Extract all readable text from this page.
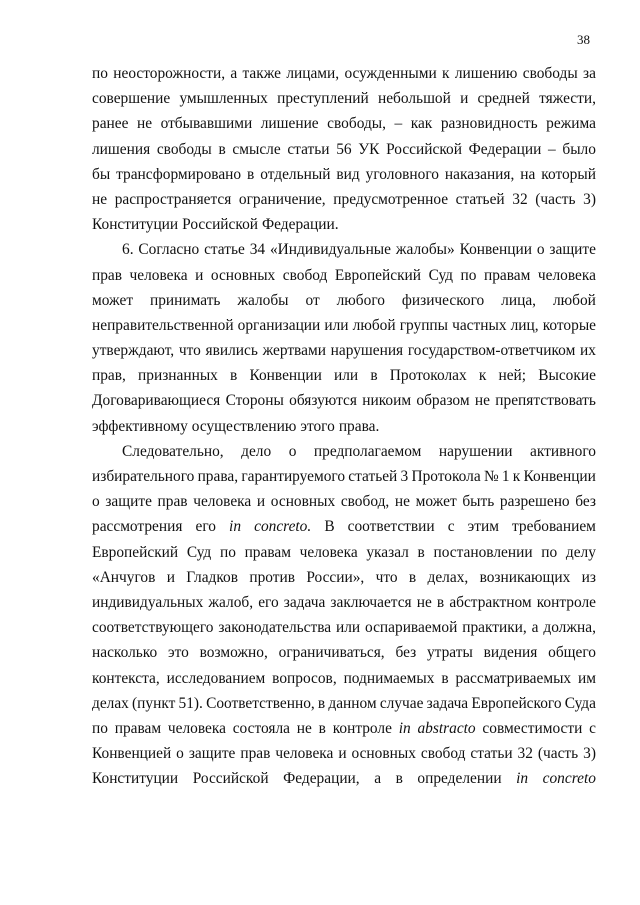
38
по неосторожности, а также лицами, осужденными к лишению свободы за
совершение умышленных преступлений небольшой и средней тяжести,
ранее не отбывавшими лишение свободы, – как разновидность режима
лишения свободы в смысле статьи 56 УК Российской Федерации – было
бы трансформировано в отдельный вид уголовного наказания, на который
не распространяется ограничение, предусмотренное статьей 32 (часть 3)
Конституции Российской Федерации.
6. Согласно статье 34 «Индивидуальные жалобы» Конвенции о защите
прав человека и основных свобод Европейский Суд по правам человека
может принимать жалобы от любого физического лица, любой
неправительственной организации или любой группы частных лиц, которые
утверждают, что явились жертвами нарушения государством-ответчиком их
прав, признанных в Конвенции или в Протоколах к ней; Высокие
Договаривающиеся Стороны обязуются никоим образом не препятствовать
эффективному осуществлению этого права.
Следовательно, дело о предполагаемом нарушении активного
избирательного права, гарантируемого статьей 3 Протокола № 1 к Конвенции
о защите прав человека и основных свобод, не может быть разрешено без
рассмотрения его in concreto. В соответствии с этим требованием
Европейский Суд по правам человека указал в постановлении по делу
«Анчугов и Гладков против России», что в делах, возникающих из
индивидуальных жалоб, его задача заключается не в абстрактном контроле
соответствующего законодательства или оспариваемой практики, а должна,
насколько это возможно, ограничиваться, без утраты видения общего
контекста, исследованием вопросов, поднимаемых в рассматриваемых им
делах (пункт 51). Соответственно, в данном случае задача Европейского Суда
по правам человека состояла не в контроле in abstracto совместимости с
Конвенцией о защите прав человека и основных свобод статьи 32 (часть 3)
Конституции Российской Федерации, а в определении in concreto
